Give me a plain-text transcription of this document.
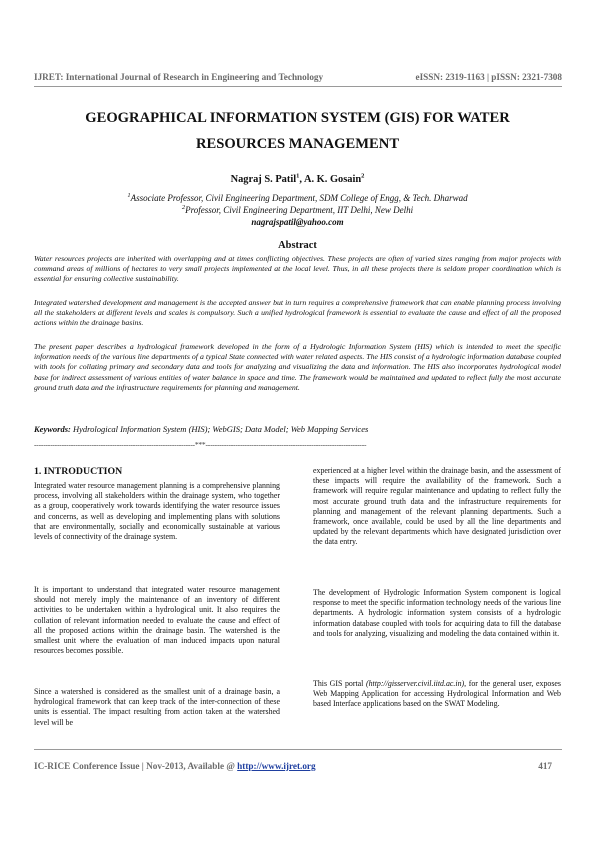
IJRET: International Journal of Research in Engineering and Technology	eISSN: 2319-1163 | pISSN: 2321-7308
GEOGRAPHICAL INFORMATION SYSTEM (GIS) FOR WATER RESOURCES MANAGEMENT
Nagraj S. Patil$^1$, A. K. Gosain$^2$
$^1$Associate Professor, Civil Engineering Department, SDM College of Engg, & Tech. Dharwad
$^2$Professor, Civil Engineering Department, IIT Delhi, New Delhi
nagrajspatil@yahoo.com
Abstract
Water resources projects are inherited with overlapping and at times conflicting objectives. These projects are often of varied sizes ranging from major projects with command areas of millions of hectares to very small projects implemented at the local level. Thus, in all these projects there is seldom proper coordination which is essential for ensuring collective sustainability.
Integrated watershed development and management is the accepted answer but in turn requires a comprehensive framework that can enable planning process involving all the stakeholders at different levels and scales is compulsory. Such a unified hydrological framework is essential to evaluate the cause and effect of all the proposed actions within the drainage basins.
The present paper describes a hydrological framework developed in the form of a Hydrologic Information System (HIS) which is intended to meet the specific information needs of the various line departments of a typical State connected with water related aspects. The HIS consist of a hydrologic information database coupled with tools for collating primary and secondary data and tools for analyzing and visualizing the data and information. The HIS also incorporates hydrological model base for indirect assessment of various entities of water balance in space and time. The framework would be maintained and updated to reflect fully the most accurate ground truth data and the infrastructure requirements for planning and management.
Keywords: Hydrological Information System (HIS); WebGIS; Data Model; Web Mapping Services
----------------------------------------------------------------------***----------------------------------------------------------------------
1. INTRODUCTION
Integrated water resource management planning is a comprehensive planning process, involving all stakeholders within the drainage system, who together as a group, cooperatively work towards identifying the water resource issues and concerns, as well as developing and implementing plans with solutions that are environmentally, socially and economically sustainable at various levels of connectivity of the drainage system.
It is important to understand that integrated water resource management should not merely imply the maintenance of an inventory of different activities to be undertaken within a hydrological unit. It also requires the collation of relevant information needed to evaluate the cause and effect of all the proposed actions within the drainage basin. The watershed is the smallest unit where the evaluation of man induced impacts upon natural resources becomes possible.
Since a watershed is considered as the smallest unit of a drainage basin, a hydrological framework that can keep track of the inter-connection of these units is essential. The impact resulting from action taken at the watershed level will be
experienced at a higher level within the drainage basin, and the assessment of these impacts will require the availability of the framework. Such a framework will require regular maintenance and updating to reflect fully the most accurate ground truth data and the infrastructure requirements for planning and management of the relevant planning departments. Such a framework, once available, could be used by all the line departments and updated by the relevant departments which have designated jurisdiction over the data entry.
The development of Hydrologic Information System component is logical response to meet the specific information technology needs of the various line departments. A hydrologic information system consists of a hydrologic information database coupled with tools for acquiring data to fill the database and tools for analyzing, visualizing and modeling the data contained within it.
This GIS portal (http://gisserver.civil.iitd.ac.in), for the general user, exposes Web Mapping Application for accessing Hydrological Information and Web based Interface applications based on the SWAT Modeling.
IC-RICE Conference Issue | Nov-2013, Available @ http://www.ijret.org	417
